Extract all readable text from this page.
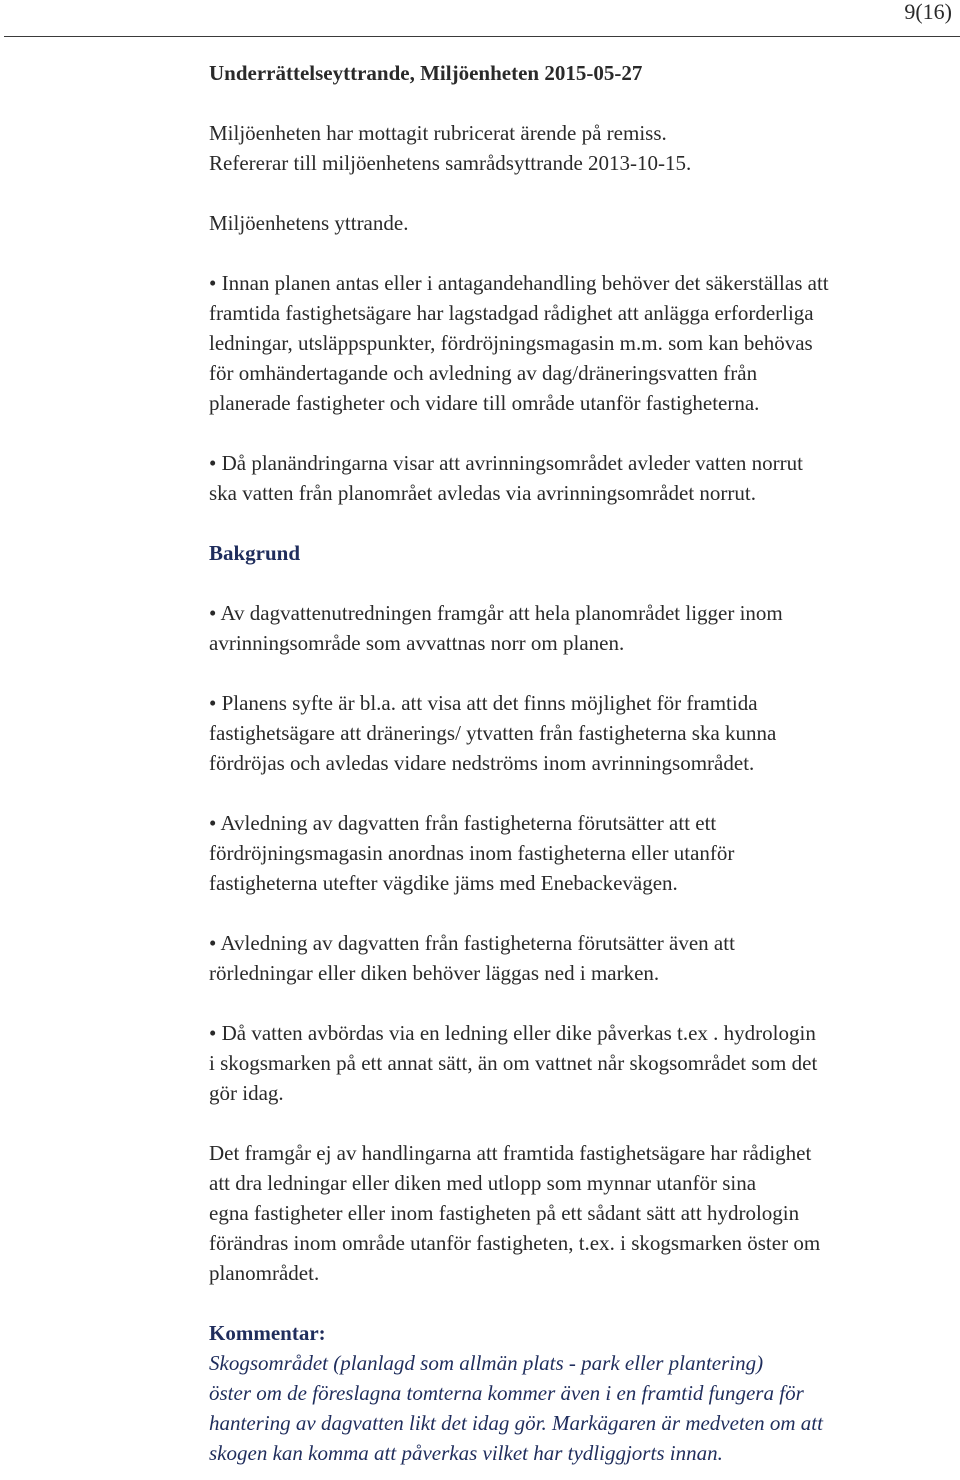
9(16)
Underrättelseyttrande, Miljöenheten 2015-05-27

Miljöenheten har mottagit rubricerat ärende på remiss.
Refererar till miljöenhetens samrådsyttrande 2013-10-15.

Miljöenhetens yttrande.

• Innan planen antas eller i antagandehandling behöver det säkerställas att
framtida fastighetsägare har lagstadgad rådighet att anlägga erforderliga
ledningar, utsläppspunkter, fördröjningsmagasin m.m. som kan behövas
för omhändertagande och avledning av dag/dräneringsvatten från
planerade fastigheter och vidare till område utanför fastigheterna.

• Då planändringarna visar att avrinningsområdet avleder vatten norrut
ska vatten från planområet avledas via avrinningsområdet norrut.

Bakgrund

• Av dagvattenutredningen framgår att hela planområdet ligger inom
avrinningsområde som avvattnas norr om planen.

• Planens syfte är bl.a. att visa att det finns möjlighet för framtida
fastighetsägare att dränerings/ ytvatten från fastigheterna ska kunna
fördröjas och avledas vidare nedströms inom avrinningsområdet.

• Avledning av dagvatten från fastigheterna förutsätter att ett
fördröjningsmagasin anordnas inom fastigheterna eller utanför
fastigheterna utefter vägdike jäms med Enebackevägen.

• Avledning av dagvatten från fastigheterna förutsätter även att
rörledningar eller diken behöver läggas ned i marken.

• Då vatten avbördas via en ledning eller dike påverkas t.ex . hydrologin
i skogsmarken på ett annat sätt, än om vattnet når skogsområdet som det
gör idag.

Det framgår ej av handlingarna att framtida fastighetsägare har rådighet
att dra ledningar eller diken med utlopp som mynnar utanför sina
egna fastigheter eller inom fastigheten på ett sådant sätt att hydrologin
förändras inom område utanför fastigheten, t.ex. i skogsmarken öster om
planområdet.

Kommentar:

Skogsområdet (planlagd som allmän plats - park eller plantering)
öster om de föreslagna tomterna kommer även i en framtid fungera för
hantering av dagvatten likt det idag gör. Markägaren är medveten om att
skogen kan komma att påverkas vilket har tydliggjorts innan.
